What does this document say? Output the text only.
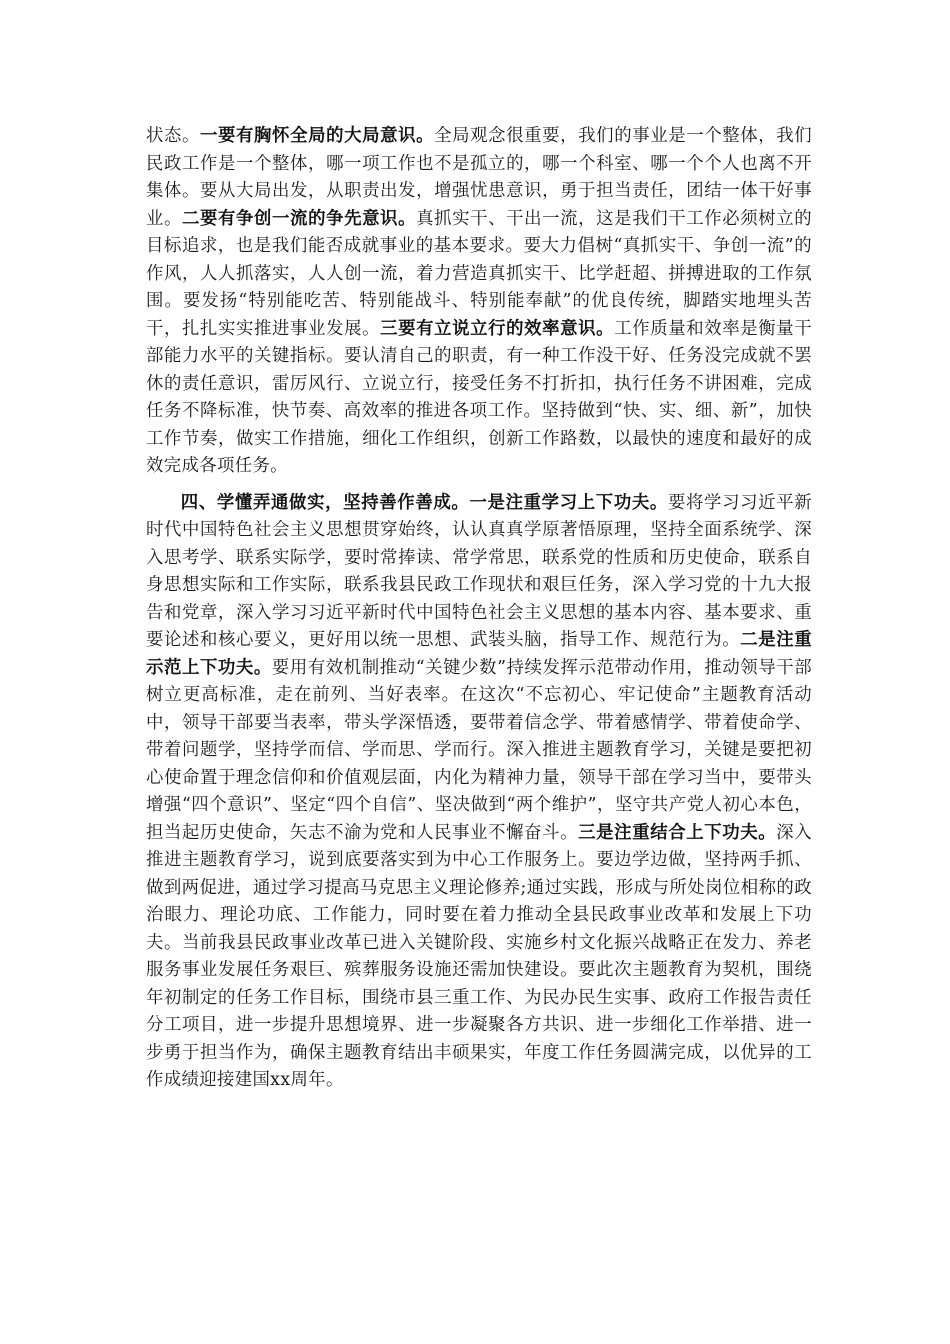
状态。一要有胸怀全局的大局意识。全局观念很重要，我们的事业是一个整体，我们民政工作是一个整体，哪一项工作也不是孤立的，哪一个科室、哪一个个人也离不开集体。要从大局出发，从职责出发，增强忧患意识，勇于担当责任，团结一体干好事业。二要有争创一流的争先意识。真抓实干、干出一流，这是我们干工作必须树立的目标追求，也是我们能否成就事业的基本要求。要大力倡树“真抓实干、争创一流”的作风，人人抓落实，人人创一流，着力营造真抓实干、比学赶超、拼搏进取的工作氛围。要发扬“特别能吃苦、特别能战斗、特别能奉献”的优良传统，脚踏实地埋头苦干，扎扎实实推进事业发展。三要有立说立行的效率意识。工作质量和效率是衡量干部能力水平的关键指标。要认清自己的职责，有一种工作没干好、任务没完成就不罢休的责任意识，雷厉风行、立说立行，接受任务不打折扣，执行任务不讲困难，完成任务不降标准，快节奏、高效率的推进各项工作。坚持做到“快、实、细、新”，加快工作节奏，做实工作措施，细化工作组织，创新工作路数，以最快的速度和最好的成效完成各项任务。

四、学懂弄通做实，坚持善作善成。一是注重学习上下功夫。要将学习习近平新时代中国特色社会主义思想贯穿始终，认认真真学原著悟原理，坚持全面系统学、深入思考学、联系实际学，要时常捧读、常学常思，联系党的性质和历史使命，联系自身思想实际和工作实际，联系我县民政工作现状和艰巨任务，深入学习党的十九大报告和党章，深入学习习近平新时代中国特色社会主义思想的基本内容、基本要求、重要论述和核心要义，更好用以统一思想、武装头脑，指导工作、规范行为。二是注重示范上下功夫。要用有效机制推动“关键少数”持续发挥示范带动作用，推动领导干部树立更高标准，走在前列、当好表率。在这次“不忘初心、牢记使命”主题教育活动中，领导干部要当表率，带头学深悟透，要带着信念学、带着感情学、带着使命学、带着问题学，坚持学而信、学而思、学而行。深入推进主题教育学习，关键是要把初心使命置于理念信仰和价值观层面，内化为精神力量，领导干部在学习当中，要带头增强“四个意识”、坚定“四个自信”、坚决做到“两个维护”，坚守共产党人初心本色，担当起历史使命，矢志不渝为党和人民事业不懈奋斗。三是注重结合上下功夫。深入推进主题教育学习，说到底要落实到为中心工作服务上。要边学边做，坚持两手抓、做到两促进，通过学习提高马克思主义理论修养;通过实践，形成与所处岗位相称的政治眼力、理论功底、工作能力，同时要在着力推动全县民政事业改革和发展上下功夫。当前我县民政事业改革已进入关键阶段、实施乡村文化振兴战略正在发力、养老服务事业发展任务艰巨、殡葬服务设施还需加快建设。要此次主题教育为契机，围绕年初制定的任务工作目标，围绕市县三重工作、为民办民生实事、政府工作报告责任分工项目，进一步提升思想境界、进一步凝聚各方共识、进一步细化工作举措、进一步勇于担当作为，确保主题教育结出丰硕果实，年度工作任务圆满完成，以优异的工作成绩迎接建国xx周年。
